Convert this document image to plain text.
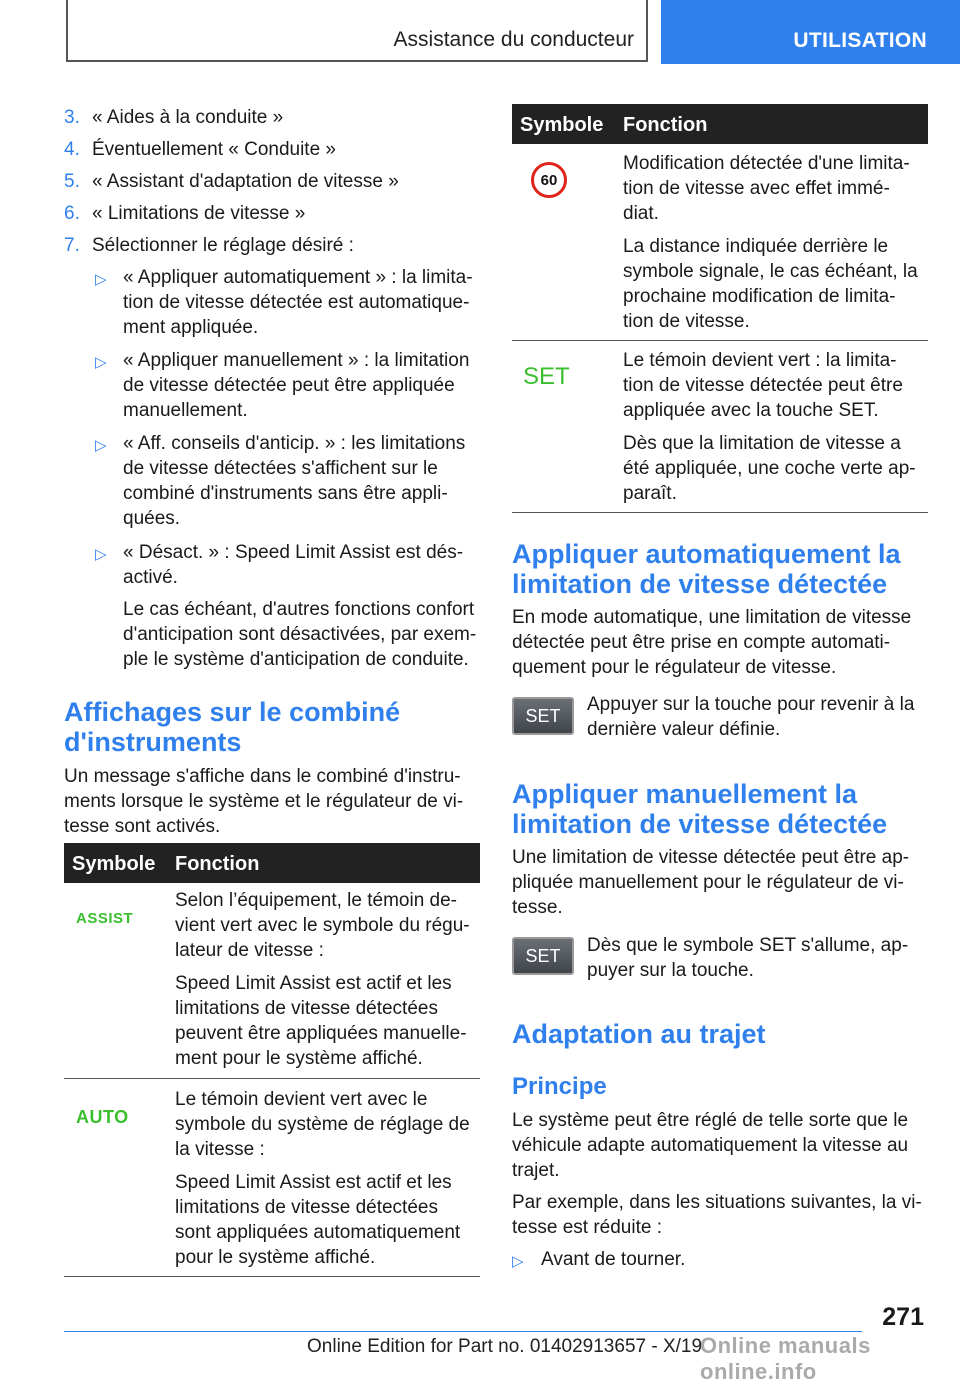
Assistance du conducteur	UTILISATION
3. « Aides à la conduite »
4. Éventuellement « Conduite »
5. « Assistant d'adaptation de vitesse »
6. « Limitations de vitesse »
7. Sélectionner le réglage désiré :
▷ « Appliquer automatiquement » : la limita-
tion de vitesse détectée est automatique-
ment appliquée.
▷ « Appliquer manuellement » : la limitation
de vitesse détectée peut être appliquée
manuellement.
▷ « Aff. conseils d'anticip. » : les limitations
de vitesse détectées s'affichent sur le
combiné d'instruments sans être appli-
quées.
▷ « Désact. » : Speed Limit Assist est dés-
activé.
Le cas échéant, d'autres fonctions confort
d'anticipation sont désactivées, par exem-
ple le système d'anticipation de conduite.
Affichages sur le combiné
d'instruments
Un message s'affiche dans le combiné d'instru-
ments lorsque le système et le régulateur de vi-
tesse sont activés.
Symbole Fonction
ASSIST
Selon l’équipement, le témoin de-
vient vert avec le symbole du régu-
lateur de vitesse :
Speed Limit Assist est actif et les
limitations de vitesse détectées
peuvent être appliquées manuelle-
ment pour le système affiché.
AUTO
Le témoin devient vert avec le
symbole du système de réglage de
la vitesse :
Speed Limit Assist est actif et les
limitations de vitesse détectées
sont appliquées automatiquement
pour le système affiché.
Symbole Fonction
60
Modification détectée d'une limita-
tion de vitesse avec effet immé-
diat.
La distance indiquée derrière le
symbole signale, le cas échéant, la
prochaine modification de limita-
tion de vitesse.
SET
Le témoin devient vert : la limita-
tion de vitesse détectée peut être
appliquée avec la touche SET.
Dès que la limitation de vitesse a
été appliquée, une coche verte ap-
paraît.
Appliquer automatiquement la
limitation de vitesse détectée
En mode automatique, une limitation de vitesse
détectée peut être prise en compte automati-
quement pour le régulateur de vitesse.
SET
Appuyer sur la touche pour revenir à la
dernière valeur définie.
Appliquer manuellement la
limitation de vitesse détectée
Une limitation de vitesse détectée peut être ap-
pliquée manuellement pour le régulateur de vi-
tesse.
SET	Dès que le symbole SET s'allume, ap-
puyer sur la touche.
Adaptation au trajet
Principe
Le système peut être réglé de telle sorte que le
véhicule adapte automatiquement la vitesse au
trajet.
Par exemple, dans les situations suivantes, la vi-
tesse est réduite :
▷ Avant de tourner.
271
Online Edition for Part no. 01402913657 - X/19
Online manuals online.info
